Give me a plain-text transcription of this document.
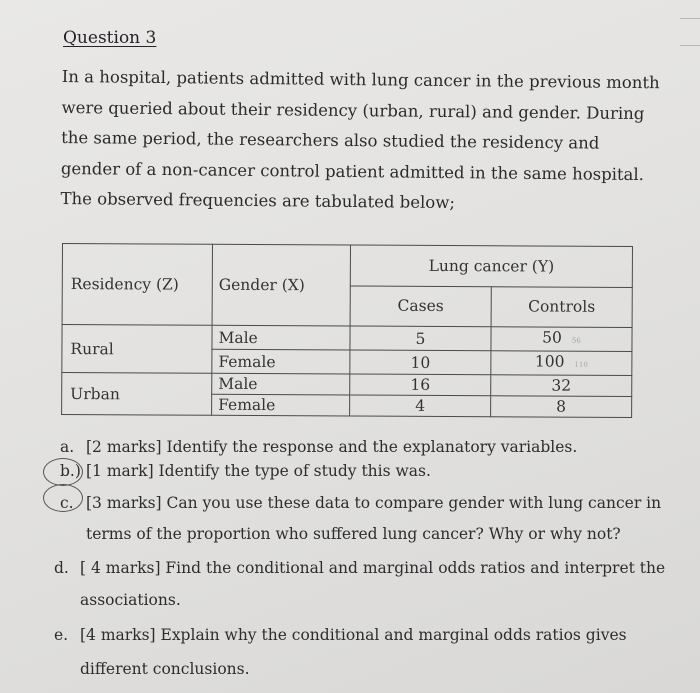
Question 3

In a hospital, patients admitted with lung cancer in the previous month were queried about their residency (urban, rural) and gender. During the same period, the researchers also studied the residency and gender of a non-cancer control patient admitted in the same hospital. The observed frequencies are tabulated below;

Residency (Z)	Gender (X)	Lung cancer (Y)	
		Cases	Controls
Rural	Male	5	50 56
	Female	10	100 110
Urban	Male	16	32
	Female	4	8
a. [2 marks] Identify the response and the explanatory variables.
b.) [1 mark] Identify the type of study this was.
c. [3 marks] Can you use these data to compare gender with lung cancer in terms of the proportion who suffered lung cancer? Why or why not?
d. [ 4 marks] Find the conditional and marginal odds ratios and interpret the associations.
e. [4 marks] Explain why the conditional and marginal odds ratios gives different conclusions.
